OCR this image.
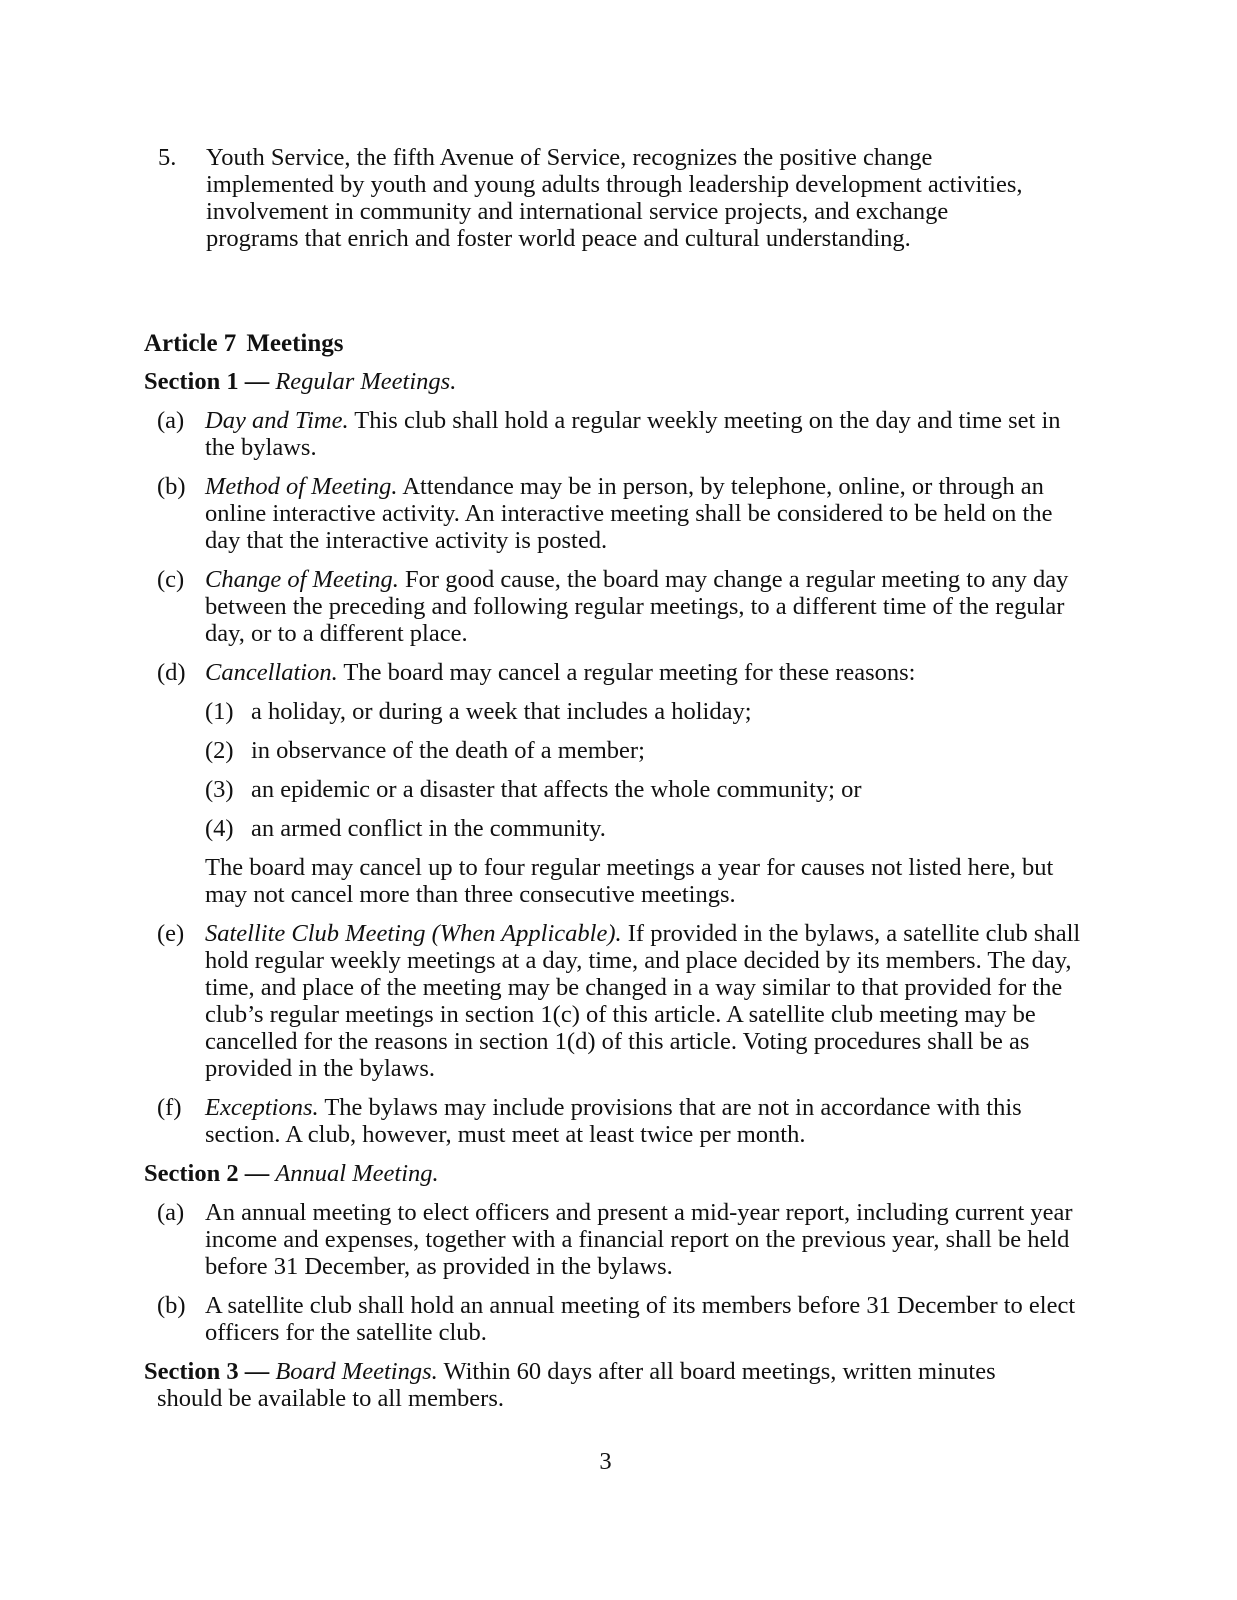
5. Youth Service, the fifth Avenue of Service, recognizes the positive change implemented by youth and young adults through leadership development activities, involvement in community and international service projects, and exchange programs that enrich and foster world peace and cultural understanding.
Article 7 Meetings
Section 1 — Regular Meetings.
(a) Day and Time. This club shall hold a regular weekly meeting on the day and time set in the bylaws.
(b) Method of Meeting. Attendance may be in person, by telephone, online, or through an online interactive activity. An interactive meeting shall be considered to be held on the day that the interactive activity is posted.
(c) Change of Meeting. For good cause, the board may change a regular meeting to any day between the preceding and following regular meetings, to a different time of the regular day, or to a different place.
(d) Cancellation. The board may cancel a regular meeting for these reasons:
(1) a holiday, or during a week that includes a holiday;
(2) in observance of the death of a member;
(3) an epidemic or a disaster that affects the whole community; or
(4) an armed conflict in the community.
The board may cancel up to four regular meetings a year for causes not listed here, but may not cancel more than three consecutive meetings.
(e) Satellite Club Meeting (When Applicable). If provided in the bylaws, a satellite club shall hold regular weekly meetings at a day, time, and place decided by its members. The day, time, and place of the meeting may be changed in a way similar to that provided for the club’s regular meetings in section 1(c) of this article. A satellite club meeting may be cancelled for the reasons in section 1(d) of this article. Voting procedures shall be as provided in the bylaws.
(f) Exceptions. The bylaws may include provisions that are not in accordance with this section. A club, however, must meet at least twice per month.
Section 2 — Annual Meeting.
(a) An annual meeting to elect officers and present a mid-year report, including current year income and expenses, together with a financial report on the previous year, shall be held before 31 December, as provided in the bylaws.
(b) A satellite club shall hold an annual meeting of its members before 31 December to elect officers for the satellite club.
Section 3 — Board Meetings. Within 60 days after all board meetings, written minutes
should be available to all members.
3
